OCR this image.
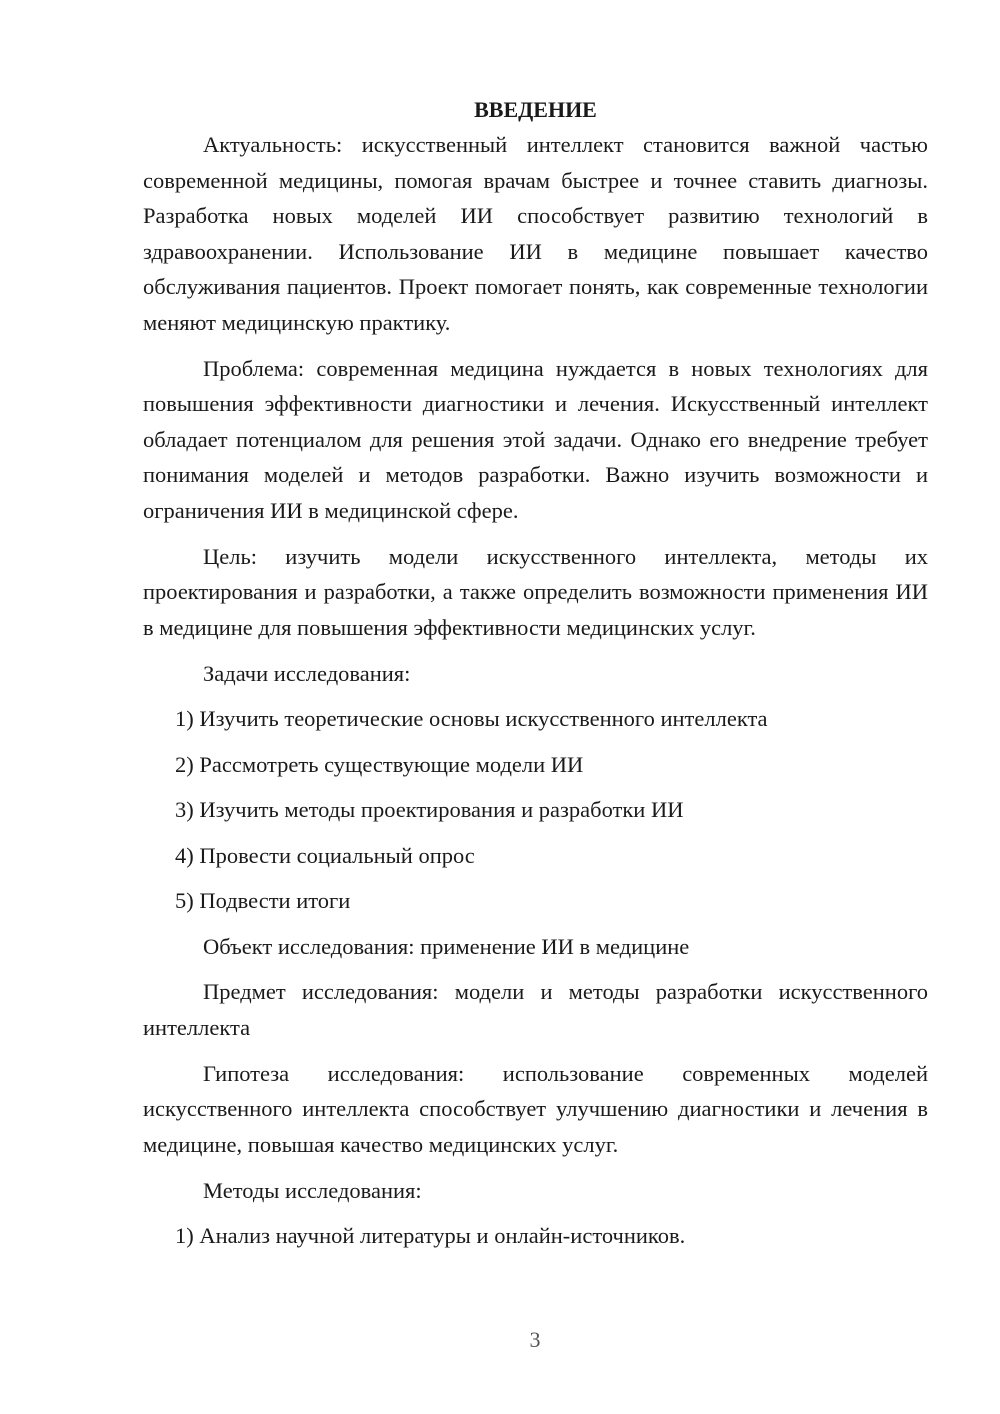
ВВЕДЕНИЕ

Актуальность: искусственный интеллект становится важной частью современной медицины, помогая врачам быстрее и точнее ставить диагнозы. Разработка новых моделей ИИ способствует развитию технологий в здравоохранении. Использование ИИ в медицине повышает качество обслуживания пациентов. Проект помогает понять, как современные технологии меняют медицинскую практику.

Проблема: современная медицина нуждается в новых технологиях для повышения эффективности диагностики и лечения. Искусственный интеллект обладает потенциалом для решения этой задачи. Однако его внедрение требует понимания моделей и методов разработки. Важно изучить возможности и ограничения ИИ в медицинской сфере.

Цель: изучить модели искусственного интеллекта, методы их проектирования и разработки, а также определить возможности применения ИИ в медицине для повышения эффективности медицинских услуг.

Задачи исследования:

1) Изучить теоретические основы искусственного интеллекта
2) Рассмотреть существующие модели ИИ
3) Изучить методы проектирования и разработки ИИ
4) Провести социальный опрос
5) Подвести итоги

Объект исследования: применение ИИ в медицине

Предмет исследования: модели и методы разработки искусственного интеллекта

Гипотеза исследования: использование современных моделей искусственного интеллекта способствует улучшению диагностики и лечения в медицине, повышая качество медицинских услуг.

Методы исследования:

1) Анализ научной литературы и онлайн-источников.
3
